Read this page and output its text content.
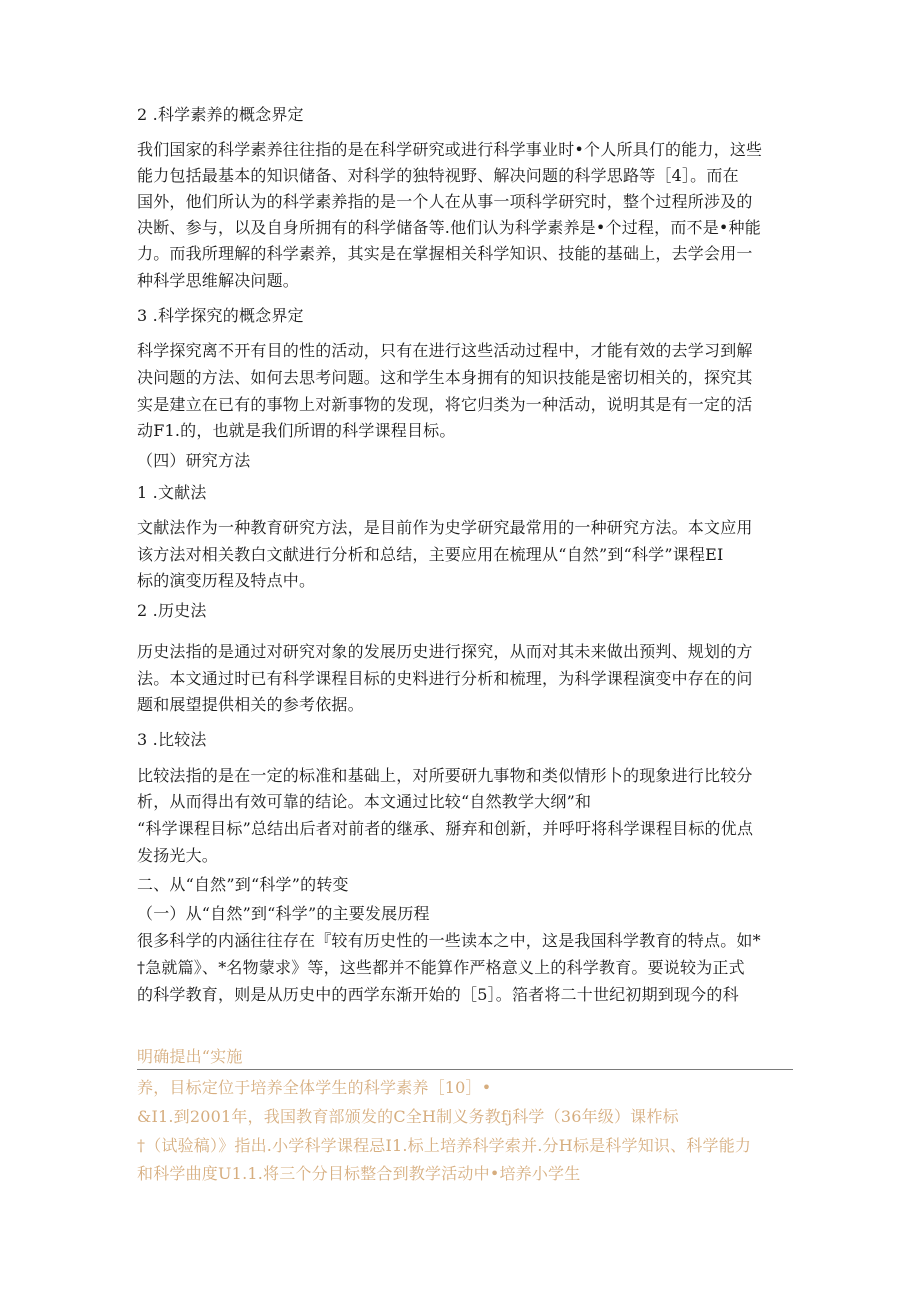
2 .科学素养的概念界定
我们国家的科学素养往往指的是在科学研究或进行科学事业时•个人所具仃的能力，这些
能力包括最基本的知识储备、对科学的独特视野、解决问题的科学思路等［4］。而在
国外，他们所认为的科学素养指的是一个人在从事一项科学研究时，整个过程所涉及的
决断、参与，以及自身所拥有的科学储备等.他们认为科学素养是•个过程，而不是•种能
力。而我所理解的科学素养，其实是在掌握相关科学知识、技能的基础上，去学会用一
种科学思维解决问题。
3 .科学探究的概念界定
科学探究离不开有目的性的活动，只有在进行这些活动过程中，才能有效的去学习到解
决问题的方法、如何去思考问题。这和学生本身拥有的知识技能是密切相关的，探究其
实是建立在已有的事物上对新事物的发现，将它归类为一种活动，说明其是有一定的活
动F1.的，也就是我们所谓的科学课程目标。
（四）研究方法
1 .文献法
文献法作为一种教育研究方法，是目前作为史学研究最常用的一种研究方法。本文应用
该方法对相关教白文献进行分析和总结，主要应用在梳理从“自然”到“科学”课程EI
标的演变历程及特点中。
2 .历史法
历史法指的是通过对研究对象的发展历史进行探究，从而对其未来做出预判、规划的方
法。本文通过时已有科学课程目标的史料进行分析和梳理，为科学课程演变中存在的问
题和展望提供相关的参考依据。
3 .比较法
比较法指的是在一定的标准和基础上，对所要研九事物和类似情形卜的现象进行比较分
析，从而得出有效可靠的结论。本文通过比较“自然教学大纲”和
“科学课程目标”总结出后者对前者的继承、掰弃和创新，并呼吁将科学课程目标的优点
发扬光大。
二、从“自然”到“科学”的转变
（一）从“自然”到“科学”的主要发展历程
很多科学的内涵往往存在『较有历史性的一些读本之中，这是我国科学教育的特点。如*
†急就篇》、*名物蒙求》等，这些都并不能算作严格意义上的科学教育。要说较为正式
的科学教育，则是从历史中的西学东渐开始的［5］。箔者将二十世纪初期到现今的科
明确提出“实施
养，目标定位于培养全体学生的科学素养［10］•
&I1.到2001年，我国教育部颁发的C全H制义务教fj科学（36年级）课柞标
†（试验稿）》指出.小学科学课程忌I1.标上培养科学索并.分H标是科学知识、科学能力
和科学曲度U1.1.将三个分目标整合到教学活动中•培养小学生
